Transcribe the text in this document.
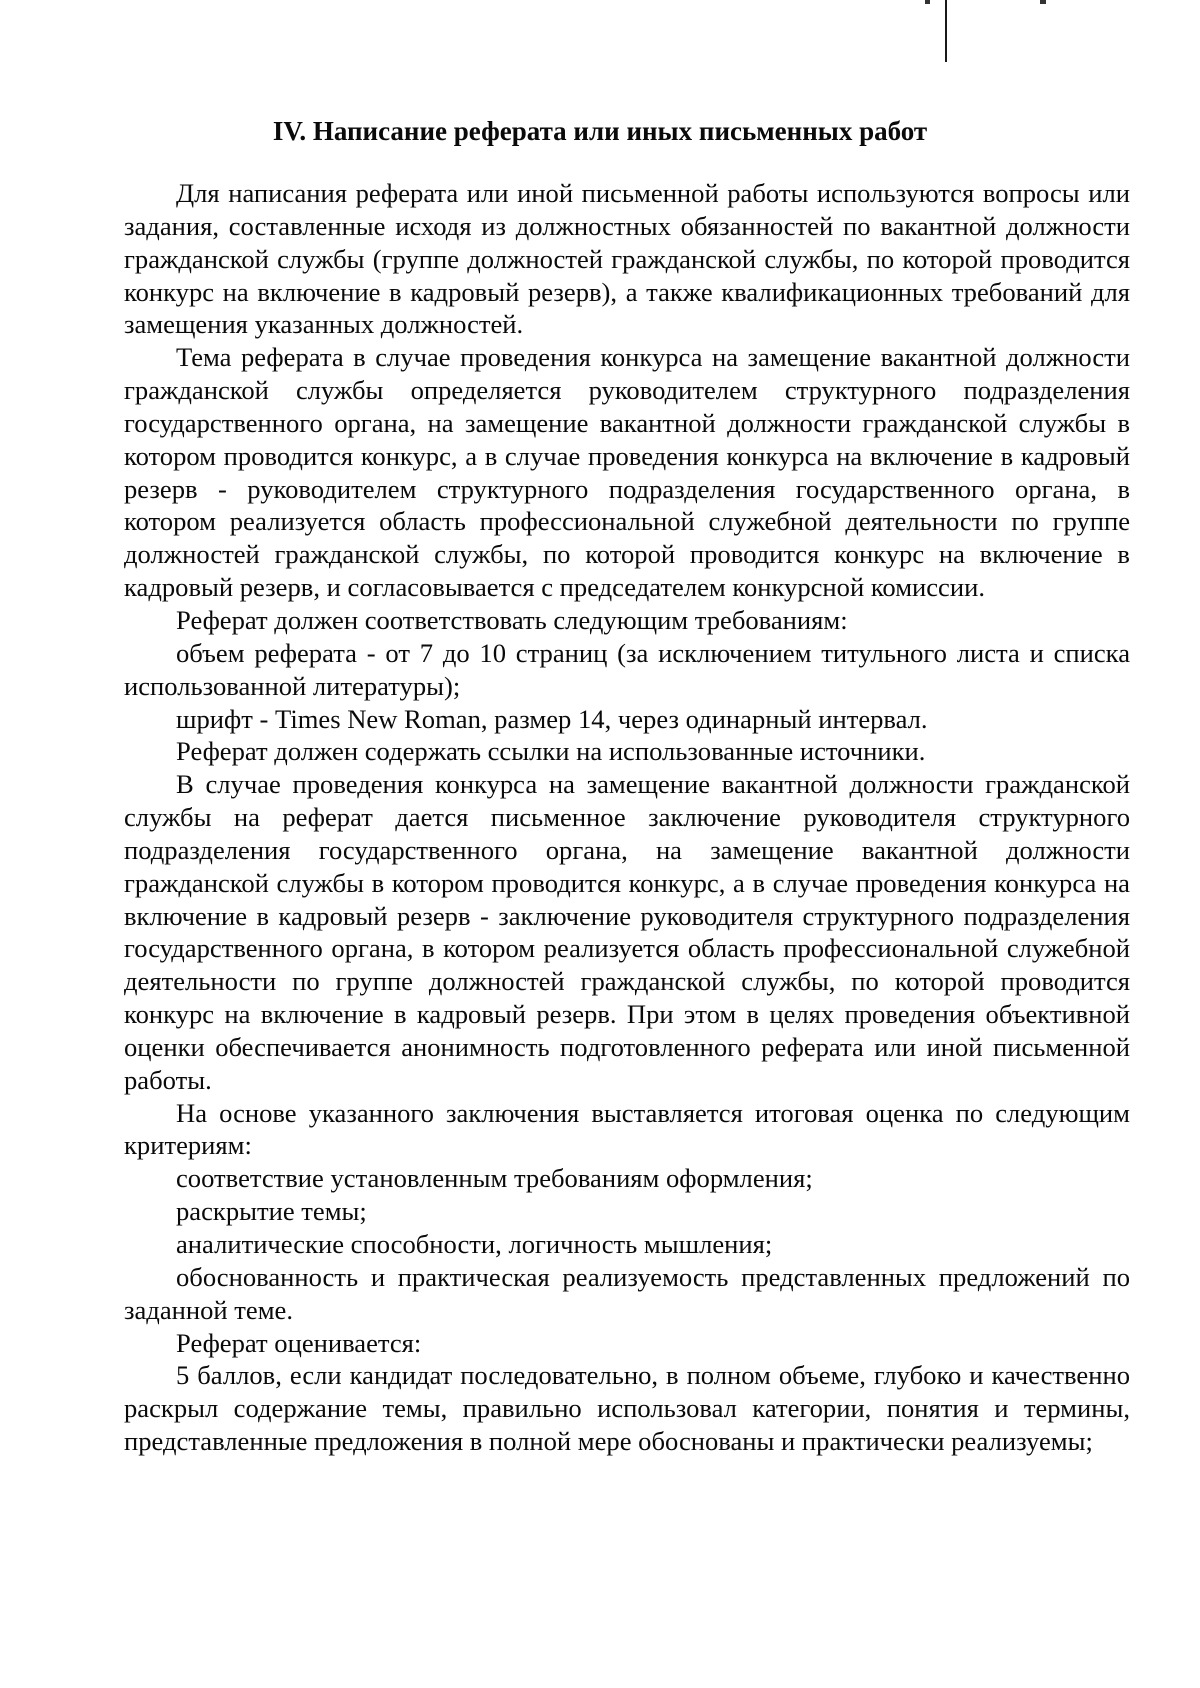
IV. Написание реферата или иных письменных работ

Для написания реферата или иной письменной работы используются вопросы или задания, составленные исходя из должностных обязанностей по вакантной должности гражданской службы (группе должностей гражданской службы, по которой проводится конкурс на включение в кадровый резерв), а также квалификационных требований для замещения указанных должностей.

Тема реферата в случае проведения конкурса на замещение вакантной должности гражданской службы определяется руководителем структурного подразделения государственного органа, на замещение вакантной должности гражданской службы в котором проводится конкурс, а в случае проведения конкурса на включение в кадровый резерв - руководителем структурного подразделения государственного органа, в котором реализуется область профессиональной служебной деятельности по группе должностей гражданской службы, по которой проводится конкурс на включение в кадровый резерв, и согласовывается с председателем конкурсной комиссии.

Реферат должен соответствовать следующим требованиям:

объем реферата - от 7 до 10 страниц (за исключением титульного листа и списка использованной литературы);

шрифт - Times New Roman, размер 14, через одинарный интервал.

Реферат должен содержать ссылки на использованные источники.

В случае проведения конкурса на замещение вакантной должности гражданской службы на реферат дается письменное заключение руководителя структурного подразделения государственного органа, на замещение вакантной должности гражданской службы в котором проводится конкурс, а в случае проведения конкурса на включение в кадровый резерв - заключение руководителя структурного подразделения государственного органа, в котором реализуется область профессиональной служебной деятельности по группе должностей гражданской службы, по которой проводится конкурс на включение в кадровый резерв. При этом в целях проведения объективной оценки обеспечивается анонимность подготовленного реферата или иной письменной работы.

На основе указанного заключения выставляется итоговая оценка по следующим критериям:

соответствие установленным требованиям оформления;

раскрытие темы;

аналитические способности, логичность мышления;

обоснованность и практическая реализуемость представленных предложений по заданной теме.

Реферат оценивается:

5 баллов, если кандидат последовательно, в полном объеме, глубоко и качественно раскрыл содержание темы, правильно использовал категории, понятия и термины, представленные предложения в полной мере обоснованы и практически реализуемы;
